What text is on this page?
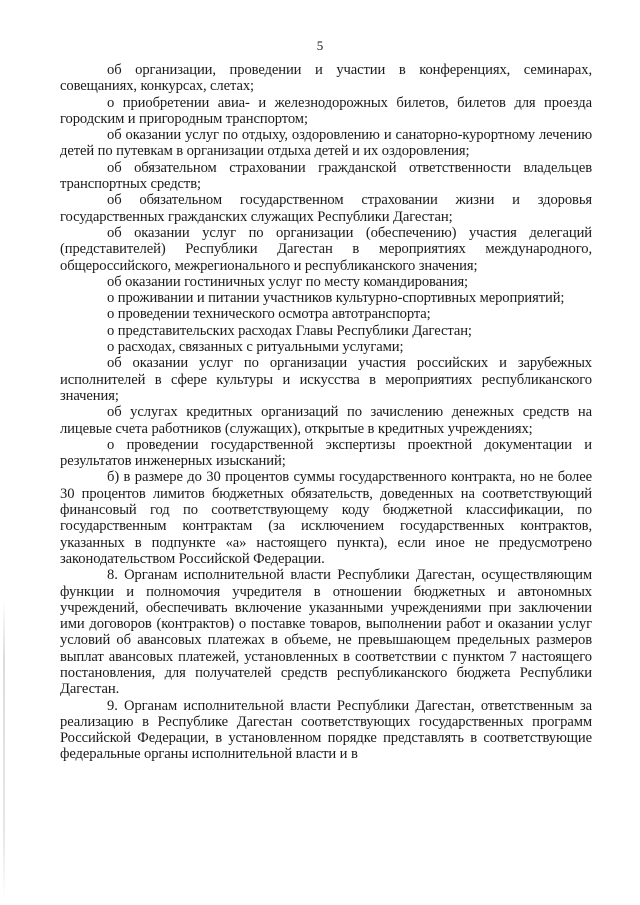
5

об организации, проведении и участии в конференциях, семинарах, совещаниях, конкурсах, слетах;

о приобретении авиа- и железнодорожных билетов, билетов для проезда городским и пригородным транспортом;

об оказании услуг по отдыху, оздоровлению и санаторно-курортному лечению детей по путевкам в организации отдыха детей и их оздоровления;

об обязательном страховании гражданской ответственности владельцев транспортных средств;

об обязательном государственном страховании жизни и здоровья государственных гражданских служащих Республики Дагестан;

об оказании услуг по организации (обеспечению) участия делегаций (представителей) Республики Дагестан в мероприятиях международного, общероссийского, межрегионального и республиканского значения;

об оказании гостиничных услуг по месту командирования;

о проживании и питании участников культурно-спортивных мероприятий;

о проведении технического осмотра автотранспорта;

о представительских расходах Главы Республики Дагестан;

о расходах, связанных с ритуальными услугами;

об оказании услуг по организации участия российских и зарубежных исполнителей в сфере культуры и искусства в мероприятиях республиканского значения;

об услугах кредитных организаций по зачислению денежных средств на лицевые счета работников (служащих), открытые в кредитных учреждениях;

о проведении государственной экспертизы проектной документации и результатов инженерных изысканий;

б) в размере до 30 процентов суммы государственного контракта, но не более 30 процентов лимитов бюджетных обязательств, доведенных на соответствующий финансовый год по соответствующему коду бюджетной классификации, по государственным контрактам (за исключением государственных контрактов, указанных в подпункте «а» настоящего пункта), если иное не предусмотрено законодательством Российской Федерации.

8. Органам исполнительной власти Республики Дагестан, осуществляющим функции и полномочия учредителя в отношении бюджетных и автономных учреждений, обеспечивать включение указанными учреждениями при заключении ими договоров (контрактов) о поставке товаров, выполнении работ и оказании услуг условий об авансовых платежах в объеме, не превышающем предельных размеров выплат авансовых платежей, установленных в соответствии с пунктом 7 настоящего постановления, для получателей средств республиканского бюджета Республики Дагестан.

9. Органам исполнительной власти Республики Дагестан, ответственным за реализацию в Республике Дагестан соответствующих государственных программ Российской Федерации, в установленном порядке представлять в соответствующие федеральные органы исполнительной власти и в
